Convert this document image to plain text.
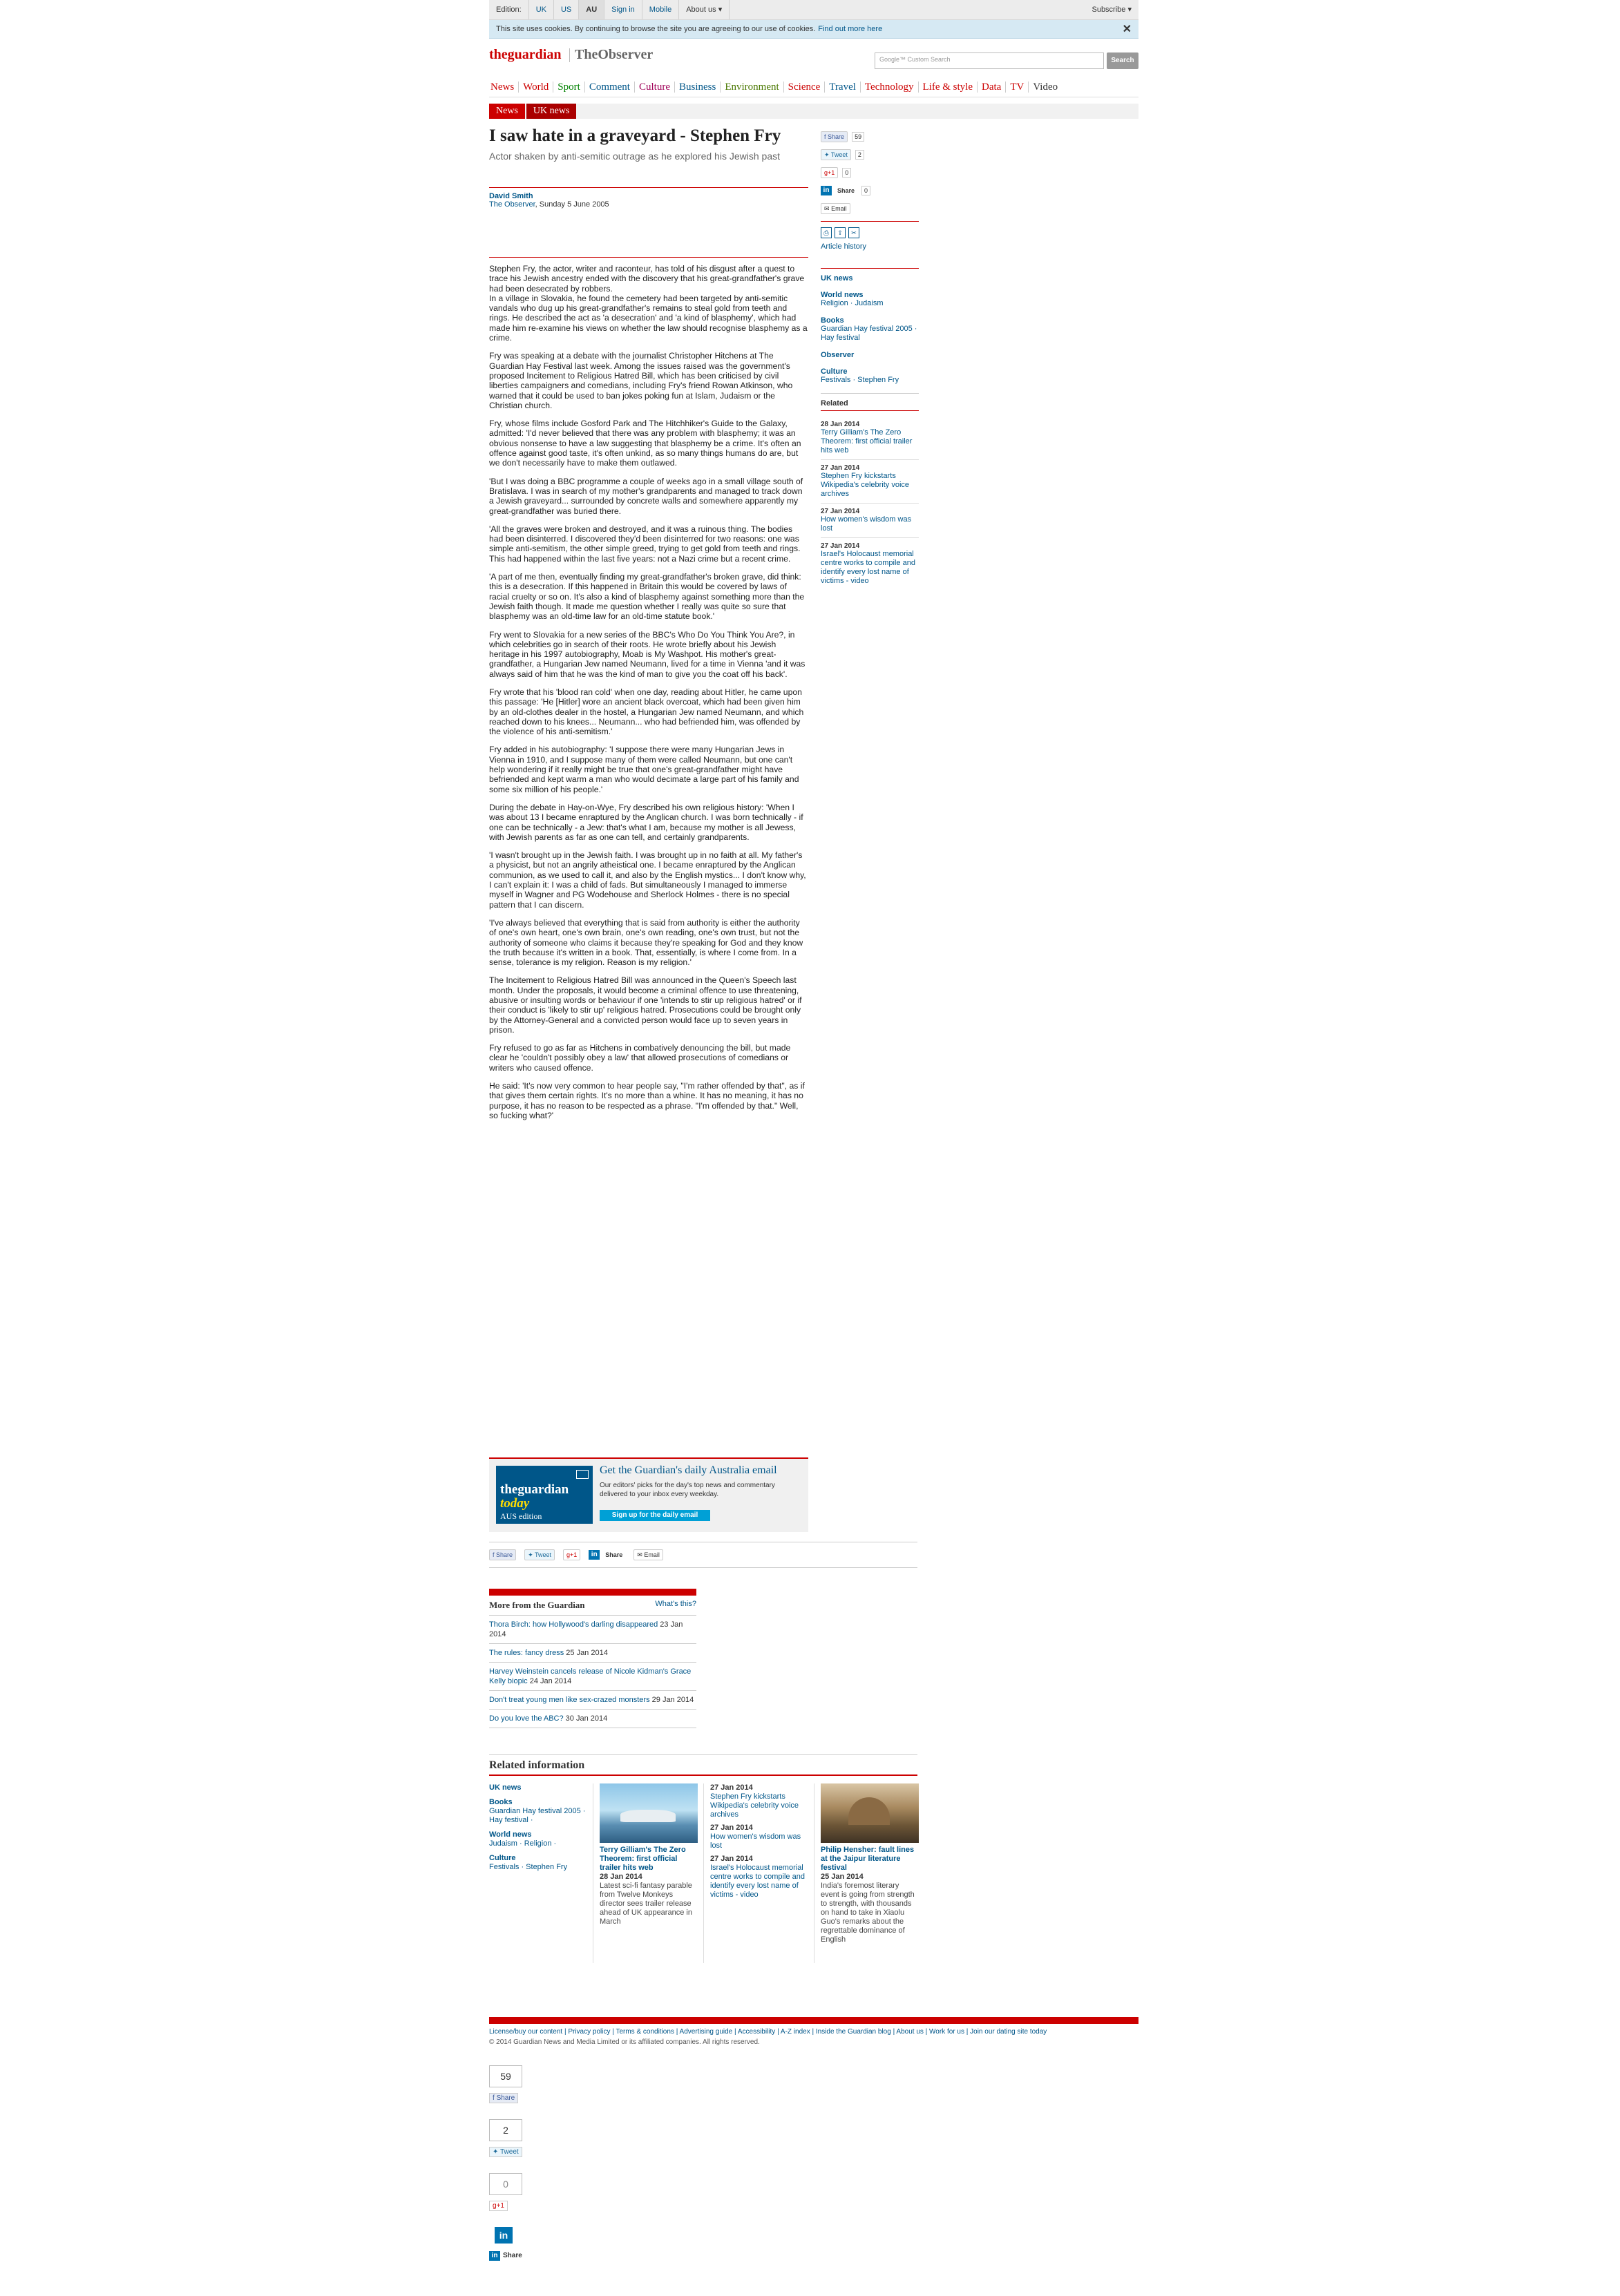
Edition:	UK	US	AU	Sign in	Mobile	About us ▾	Subscribe ▾
This site uses cookies. By continuing to browse the site you are agreeing to our use of cookies. Find out more here	✕
theguardian TheObserver	Google™ Custom Search	Search
News World Sport Comment Culture Business Environment Science Travel Technology Life & style Data TV Video
News	UK news
I saw hate in a graveyard - Stephen Fry

Actor shaken by anti-semitic outrage as he explored his Jewish past

David Smith
The Observer, Sunday 5 June 2005

Stephen Fry, the actor, writer and raconteur, has told of his disgust after a quest to trace his Jewish ancestry ended with the discovery that his great-grandfather's grave had been desecrated by robbers.
In a village in Slovakia, he found the cemetery had been targeted by anti-semitic vandals who dug up his great-grandfather's remains to steal gold from teeth and rings. He described the act as 'a desecration' and 'a kind of blasphemy', which had made him re-examine his views on whether the law should recognise blasphemy as a crime.

Fry was speaking at a debate with the journalist Christopher Hitchens at The Guardian Hay Festival last week. Among the issues raised was the government's proposed Incitement to Religious Hatred Bill, which has been criticised by civil liberties campaigners and comedians, including Fry's friend Rowan Atkinson, who warned that it could be used to ban jokes poking fun at Islam, Judaism or the Christian church.

Fry, whose films include Gosford Park and The Hitchhiker's Guide to the Galaxy, admitted: 'I'd never believed that there was any problem with blasphemy; it was an obvious nonsense to have a law suggesting that blasphemy be a crime. It's often an offence against good taste, it's often unkind, as so many things humans do are, but we don't necessarily have to make them outlawed.

'But I was doing a BBC programme a couple of weeks ago in a small village south of Bratislava. I was in search of my mother's grandparents and managed to track down a Jewish graveyard... surrounded by concrete walls and somewhere apparently my great-grandfather was buried there.

'All the graves were broken and destroyed, and it was a ruinous thing. The bodies had been disinterred. I discovered they'd been disinterred for two reasons: one was simple anti-semitism, the other simple greed, trying to get gold from teeth and rings. This had happened within the last five years: not a Nazi crime but a recent crime.

'A part of me then, eventually finding my great-grandfather's broken grave, did think: this is a desecration. If this happened in Britain this would be covered by laws of racial cruelty or so on. It's also a kind of blasphemy against something more than the Jewish faith though. It made me question whether I really was quite so sure that blasphemy was an old-time law for an old-time statute book.'

Fry went to Slovakia for a new series of the BBC's Who Do You Think You Are?, in which celebrities go in search of their roots. He wrote briefly about his Jewish heritage in his 1997 autobiography, Moab is My Washpot. His mother's great-grandfather, a Hungarian Jew named Neumann, lived for a time in Vienna 'and it was always said of him that he was the kind of man to give you the coat off his back'.

Fry wrote that his 'blood ran cold' when one day, reading about Hitler, he came upon this passage: 'He [Hitler] wore an ancient black overcoat, which had been given him by an old-clothes dealer in the hostel, a Hungarian Jew named Neumann, and which reached down to his knees... Neumann... who had befriended him, was offended by the violence of his anti-semitism.'

Fry added in his autobiography: 'I suppose there were many Hungarian Jews in Vienna in 1910, and I suppose many of them were called Neumann, but one can't help wondering if it really might be true that one's great-grandfather might have befriended and kept warm a man who would decimate a large part of his family and some six million of his people.'

During the debate in Hay-on-Wye, Fry described his own religious history: 'When I was about 13 I became enraptured by the Anglican church. I was born technically - if one can be technically - a Jew: that's what I am, because my mother is all Jewess, with Jewish parents as far as one can tell, and certainly grandparents.

'I wasn't brought up in the Jewish faith. I was brought up in no faith at all. My father's a physicist, but not an angrily atheistical one. I became enraptured by the Anglican communion, as we used to call it, and also by the English mystics... I don't know why, I can't explain it: I was a child of fads. But simultaneously I managed to immerse myself in Wagner and PG Wodehouse and Sherlock Holmes - there is no special pattern that I can discern.

'I've always believed that everything that is said from authority is either the authority of one's own heart, one's own brain, one's own reading, one's own trust, but not the authority of someone who claims it because they're speaking for God and they know the truth because it's written in a book. That, essentially, is where I come from. In a sense, tolerance is my religion. Reason is my religion.'

The Incitement to Religious Hatred Bill was announced in the Queen's Speech last month. Under the proposals, it would become a criminal offence to use threatening, abusive or insulting words or behaviour if one 'intends to stir up religious hatred' or if their conduct is 'likely to stir up' religious hatred. Prosecutions could be brought only by the Attorney-General and a convicted person would face up to seven years in prison.

Fry refused to go as far as Hitchens in combatively denouncing the bill, but made clear he 'couldn't possibly obey a law' that allowed prosecutions of comedians or writers who caused offence.

He said: 'It's now very common to hear people say, "I'm rather offended by that", as if that gives them certain rights. It's no more than a whine. It has no meaning, it has no purpose, it has no reason to be respected as a phrase. "I'm offended by that." Well, so fucking what?'

f Share	59
✦ Tweet	2
g+1	0
in	Share	0
✉ Email
⎙	⇪	✂
Article history
UK news
World news
Religion · Judaism
Books
Guardian Hay festival 2005 · Hay festival
Observer
Culture
Festivals · Stephen Fry
Related
28 Jan 2014
Terry Gilliam's The Zero Theorem: first official trailer hits web
27 Jan 2014
Stephen Fry kickstarts Wikipedia's celebrity voice archives
27 Jan 2014
How women's wisdom was lost
27 Jan 2014
Israel's Holocaust memorial centre works to compile and identify every lost name of victims - video
theguardian
today
AUS edition
Get the Guardian's daily Australia email
Our editors' picks for the day's top news and commentary delivered to your inbox every weekday.
Sign up for the daily email
f Share	✦ Tweet	g+1	in	Share	✉ Email
More from the Guardian	What's this?
Thora Birch: how Hollywood's darling disappeared 23 Jan 2014
The rules: fancy dress 25 Jan 2014
Harvey Weinstein cancels release of Nicole Kidman's Grace Kelly biopic 24 Jan 2014
Don't treat young men like sex-crazed monsters 29 Jan 2014
Do you love the ABC? 30 Jan 2014
Related information
UK news
Books
Guardian Hay festival 2005 · Hay festival ·
World news
Judaism · Religion ·
Culture
Festivals · Stephen Fry
Terry Gilliam's The Zero Theorem: first official trailer hits web
28 Jan 2014
Latest sci-fi fantasy parable from Twelve Monkeys director sees trailer release ahead of UK appearance in March
27 Jan 2014
Stephen Fry kickstarts Wikipedia's celebrity voice archives
27 Jan 2014
How women's wisdom was lost
27 Jan 2014
Israel's Holocaust memorial centre works to compile and identify every lost name of victims - video
Philip Hensher: fault lines at the Jaipur literature festival
25 Jan 2014
India's foremost literary event is going from strength to strength, with thousands on hand to take in Xiaolu Guo's remarks about the regrettable dominance of English
License/buy our content | Privacy policy | Terms & conditions | Advertising guide | Accessibility | A-Z index | Inside the Guardian blog | About us | Work for us | Join our dating site today
© 2014 Guardian News and Media Limited or its affiliated companies. All rights reserved.
59
f Share
2
✦ Tweet
0
g+1
in
in Share
